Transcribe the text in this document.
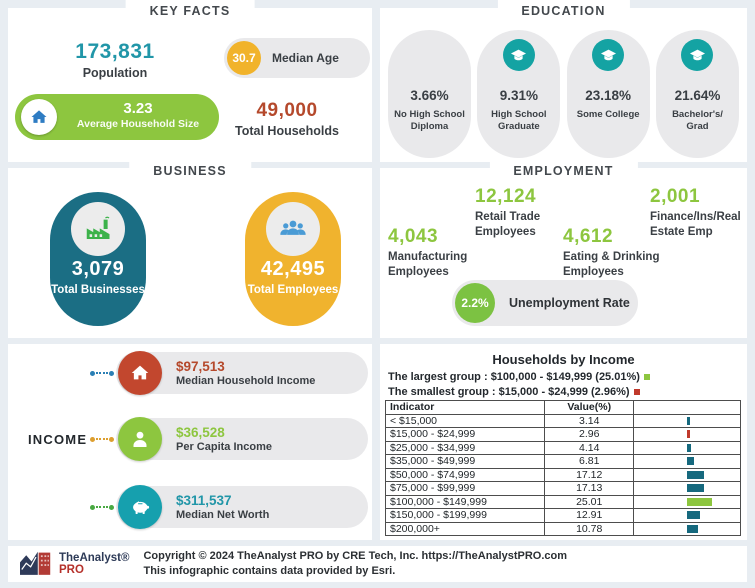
KEY FACTS
173,831
Population
30.7	Median Age
3.23
Average Household Size
49,000
Total Households
EDUCATION
3.66%
No High School Diploma
9.31%
High School Graduate
23.18%
Some College
21.64%
Bachelor's/ Grad
BUSINESS
3,079
Total Businesses
42,495
Total Employees
EMPLOYMENT
12,124
Retail Trade Employees
2,001
Finance/Ins/Real Estate Emp
4,043
Manufacturing Employees
4,612
Eating & Drinking Employees
2.2%	Unemployment Rate
INCOME
$97,513
Median Household Income
$36,528
Per Capita Income
$311,537
Median Net Worth
Households by Income
The largest group :
$100,000 - $149,999 (25.01%)
The smallest group :
$15,000 - $24,999 (2.96%)
Indicator	Value(%)	
< $15,000	3.14	

$15,000 - $24,999	2.96	

$25,000 - $34,999	4.14	

$35,000 - $49,999	6.81	

$50,000 - $74,999	17.12	

$75,000 - $99,999	17.13	

$100,000 - $149,999	25.01	

$150,000 - $199,999	12.91	

$200,000+	10.78	
TheAnalyst®
PRO
Copyright © 2024 TheAnalyst PRO by CRE Tech, Inc. https://TheAnalystPRO.com
This infographic contains data provided by Esri.
